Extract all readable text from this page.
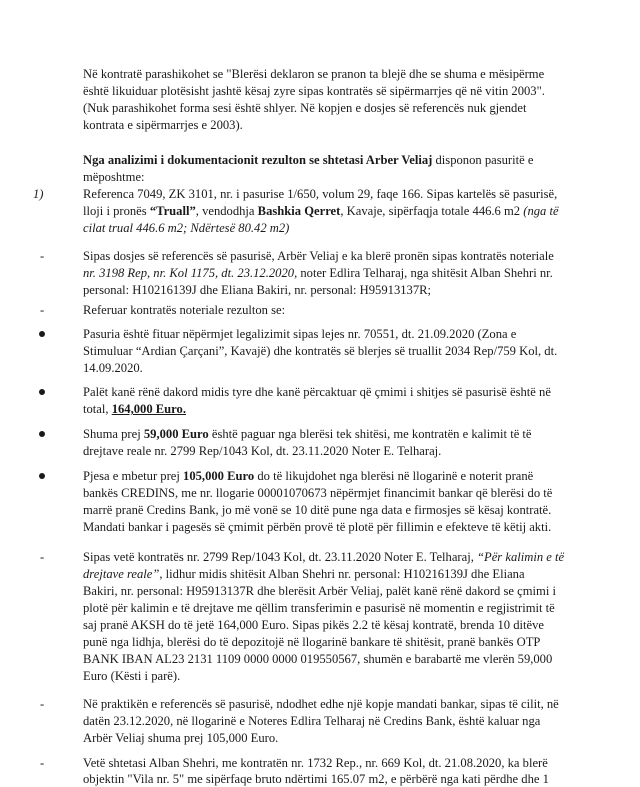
Në kontratë parashikohet se "Blerësi deklaron se pranon ta blejë dhe se shuma e mësipërme
është likuiduar plotësisht jashtë kësaj zyre sipas kontratës së sipërmarrjes që në vitin 2003".
(Nuk parashikohet forma sesi është shlyer. Në kopjen e dosjes së referencës nuk gjendet
kontrata e sipërmarrjes e 2003).
Nga analizimi i dokumentacionit rezulton se shtetasi Arber Veliaj disponon pasuritë e
mëposhtme:
1)	Referenca 7049, ZK 3101, nr. i pasurise 1/650, volum 29, faqe 166. Sipas kartelës së pasurisë,
lloji i pronës “Truall”, vendodhja Bashkia Qerret, Kavaje, sipërfaqja totale 446.6 m2 (nga të
cilat trual 446.6 m2; Ndërtesë 80.42 m2)
-	Sipas dosjes së referencës së pasurisë, Arbër Veliaj e ka blerë pronën sipas kontratës noteriale
nr. 3198 Rep, nr. Kol 1175, dt. 23.12.2020, noter Edlira Telharaj, nga shitësit Alban Shehri nr.
personal: H10216139J dhe Eliana Bakiri, nr. personal: H95913137R;
-	Referuar kontratës noteriale rezulton se:
Pasuria është fituar nëpërmjet legalizimit sipas lejes nr. 70551, dt. 21.09.2020 (Zona e
Stimuluar “Ardian Çarçani”, Kavajë) dhe kontratës së blerjes së truallit 2034 Rep/759 Kol, dt.
14.09.2020.
Palët kanë rënë dakord midis tyre dhe kanë përcaktuar që çmimi i shitjes së pasurisë është në
total, 164,000 Euro.
Shuma prej 59,000 Euro është paguar nga blerësi tek shitësi, me kontratën e kalimit të të
drejtave reale nr. 2799 Rep/1043 Kol, dt. 23.11.2020 Noter E. Telharaj.
Pjesa e mbetur prej 105,000 Euro do të likujdohet nga blerësi në llogarinë e noterit pranë
bankës CREDINS, me nr. llogarie 00001070673 nëpërmjet financimit bankar që blerësi do të
marrë pranë Credins Bank, jo më vonë se 10 ditë pune nga data e firmosjes së kësaj kontratë.
Mandati bankar i pagesës së çmimit përbën provë të plotë për fillimin e efekteve të këtij akti.
-	Sipas vetë kontratës nr. 2799 Rep/1043 Kol, dt. 23.11.2020 Noter E. Telharaj, “Për kalimin e të
drejtave reale”, lidhur midis shitësit Alban Shehri nr. personal: H10216139J dhe Eliana
Bakiri, nr. personal: H95913137R dhe blerësit Arbër Veliaj, palët kanë rënë dakord se çmimi i
plotë për kalimin e të drejtave me qëllim transferimin e pasurisë në momentin e regjistrimit të
saj pranë AKSH do të jetë 164,000 Euro. Sipas pikës 2.2 të kësaj kontratë, brenda 10 ditëve
punë nga lidhja, blerësi do të depozitojë në llogarinë bankare të shitësit, pranë bankës OTP
BANK IBAN AL23 2131 1109 0000 0000 019550567, shumën e barabartë me vlerën 59,000
Euro (Kësti i parë).
-	Në praktikën e referencës së pasurisë, ndodhet edhe një kopje mandati bankar, sipas të cilit, në
datën 23.12.2020, në llogarinë e Noteres Edlira Telharaj në Credins Bank, është kaluar nga
Arbër Veliaj shuma prej 105,000 Euro.
-	Vetë shtetasi Alban Shehri, me kontratën nr. 1732 Rep., nr. 669 Kol, dt. 21.08.2020, ka blerë
objektin "Vila nr. 5" me sipërfaqe bruto ndërtimi 165.07 m2, e përbërë nga kati përdhe dhe 1
